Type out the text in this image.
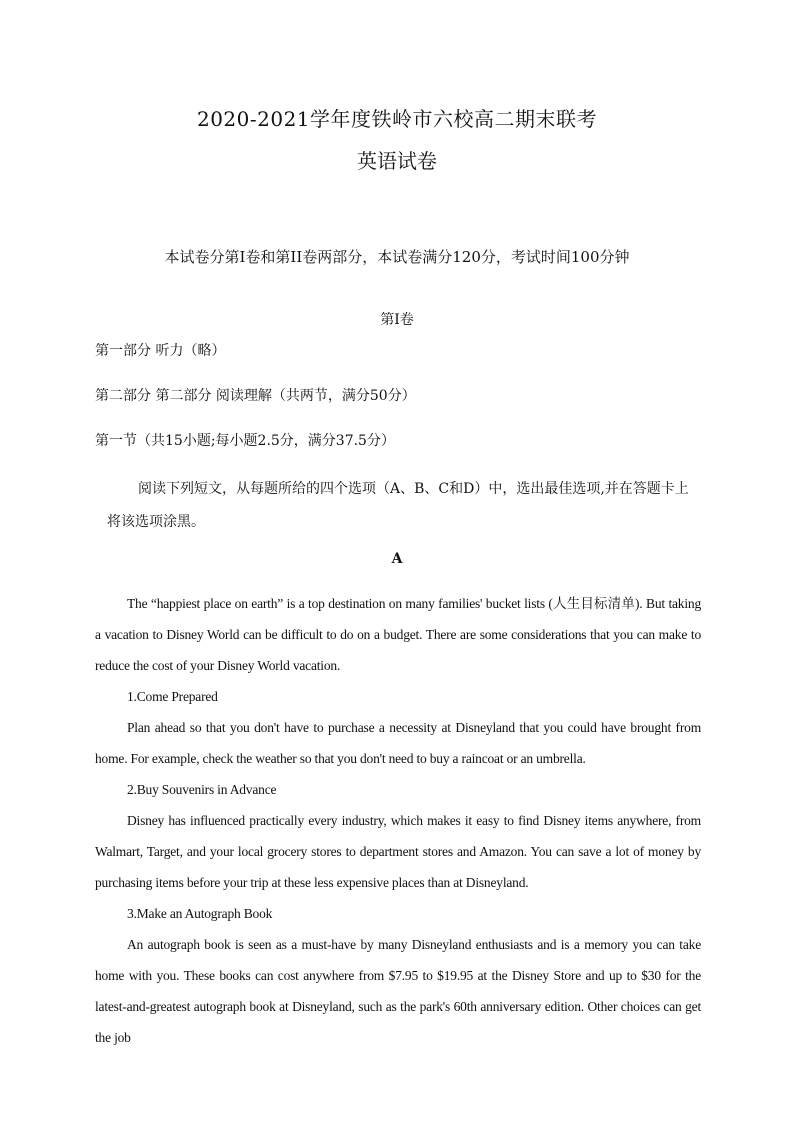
2020-2021学年度铁岭市六校高二期末联考
英语试卷
本试卷分第I卷和第II卷两部分，本试卷满分120分，考试时间100分钟
第I卷
第一部分 听力（略）
第二部分 第二部分 阅读理解（共两节，满分50分）
第一节（共15小题;每小题2.5分，满分37.5分）
阅读下列短文，从每题所给的四个选项（A、B、C和D）中，选出最佳选项,并在答题卡上 将该选项涂黑。
A
The “happiest place on earth” is a top destination on many families' bucket lists (人生目标清单). But taking a vacation to Disney World can be difficult to do on a budget. There are some considerations that you can make to reduce the cost of your Disney World vacation.
1.Come Prepared
Plan ahead so that you don't have to purchase a necessity at Disneyland that you could have brought from home. For example, check the weather so that you don't need to buy a raincoat or an umbrella.
2.Buy Souvenirs in Advance
Disney has influenced practically every industry, which makes it easy to find Disney items anywhere, from Walmart, Target, and your local grocery stores to department stores and Amazon. You can save a lot of money by purchasing items before your trip at these less expensive places than at Disneyland.
3.Make an Autograph Book
An autograph book is seen as a must-have by many Disneyland enthusiasts and is a memory you can take home with you. These books can cost anywhere from $7.95 to $19.95 at the Disney Store and up to $30 for the latest-and-greatest autograph book at Disneyland, such as the park's 60th anniversary edition. Other choices can get the job
